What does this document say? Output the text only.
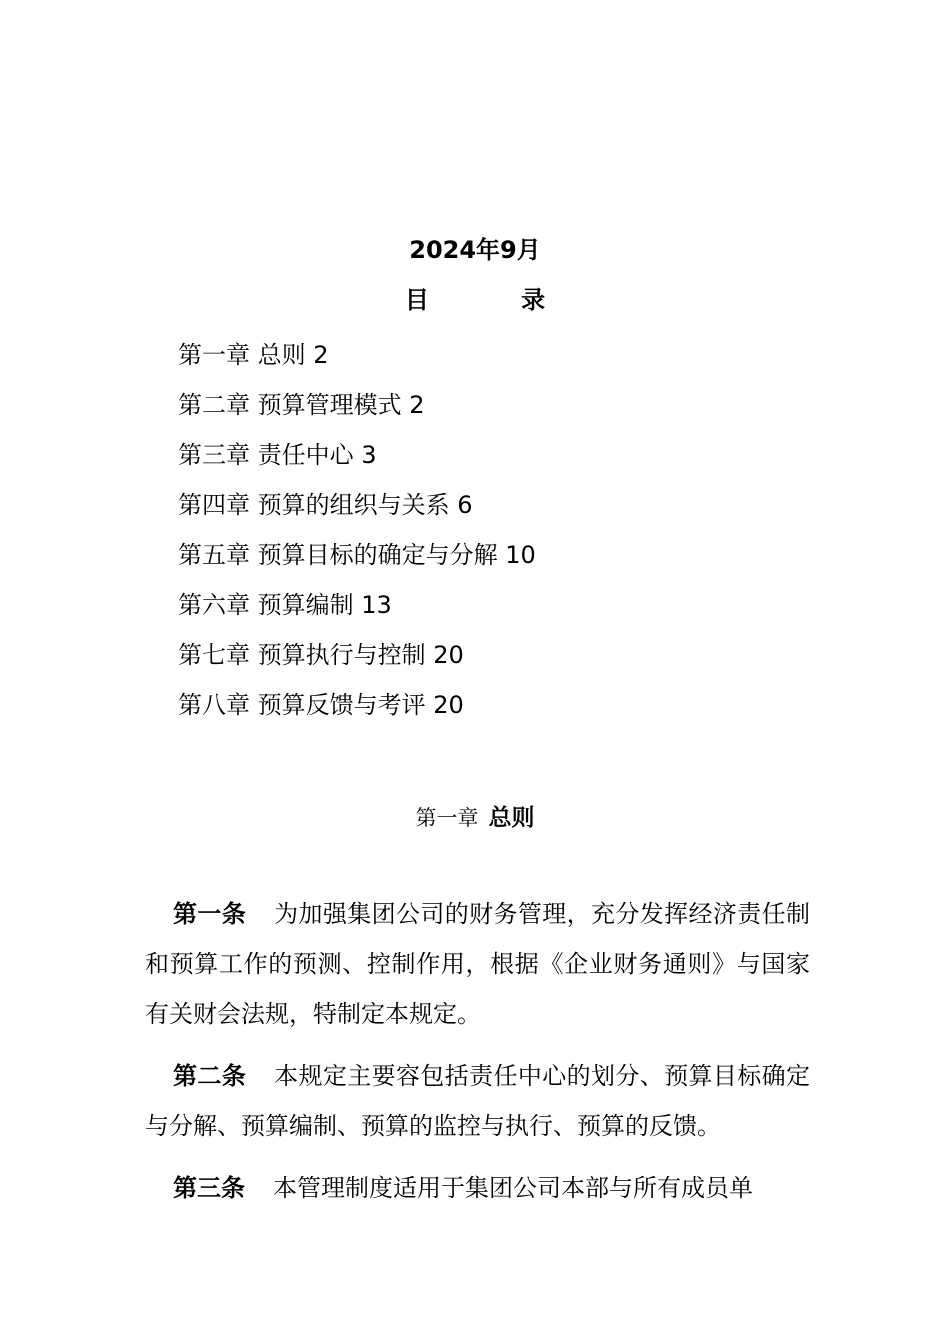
2024年9月
目 录
第一章 总则 2
第二章 预算管理模式 2
第三章 责任中心 3
第四章 预算的组织与关系 6
第五章 预算目标的确定与分解 10
第六章 预算编制 13
第七章 预算执行与控制 20
第八章 预算反馈与考评 20
第一章 总则

第一条 为加强集团公司的财务管理，充分发挥经济责任制和预算工作的预测、控制作用，根据《企业财务通则》与国家有关财会法规，特制定本规定。

第二条 本规定主要容包括责任中心的划分、预算目标确定与分解、预算编制、预算的监控与执行、预算的反馈。

第三条 本管理制度适用于集团公司本部与所有成员单
